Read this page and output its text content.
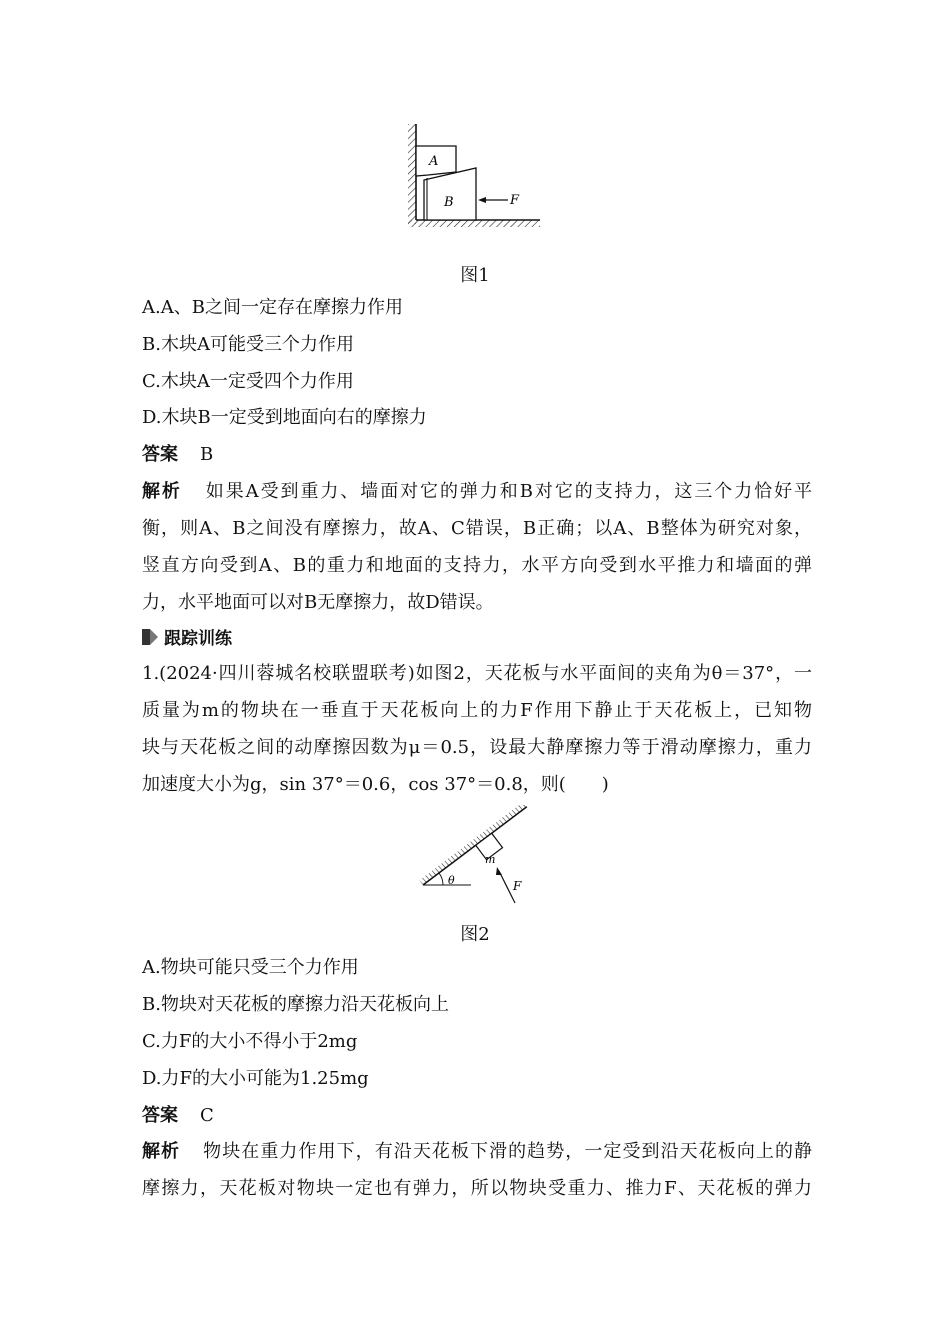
A
B	F
图1
A.A、B之间一定存在摩擦力作用
B.木块A可能受三个力作用
C.木块A一定受四个力作用
D.木块B一定受到地面向右的摩擦力
答案 B
解析 如果A受到重力、墙面对它的弹力和B对它的支持力，这三个力恰好平
衡，则A、B之间没有摩擦力，故A、C错误，B正确；以A、B整体为研究对象，
竖直方向受到A、B的重力和地面的支持力，水平方向受到水平推力和墙面的弹
力，水平地面可以对B无摩擦力，故D错误。
跟踪训练
1.(2024·四川蓉城名校联盟联考)如图2，天花板与水平面间的夹角为θ＝37°，一
质量为m的物块在一垂直于天花板向上的力F作用下静止于天花板上，已知物
块与天花板之间的动摩擦因数为μ＝0.5，设最大静摩擦力等于滑动摩擦力，重力
加速度大小为g，sin 37°＝0.6，cos 37°＝0.8，则(　　)
θ
m
F
图2
A.物块可能只受三个力作用
B.物块对天花板的摩擦力沿天花板向上
C.力F的大小不得小于2mg
D.力F的大小可能为1.25mg
答案 C
解析 物块在重力作用下，有沿天花板下滑的趋势，一定受到沿天花板向上的静
摩擦力，天花板对物块一定也有弹力，所以物块受重力、推力F、天花板的弹力
